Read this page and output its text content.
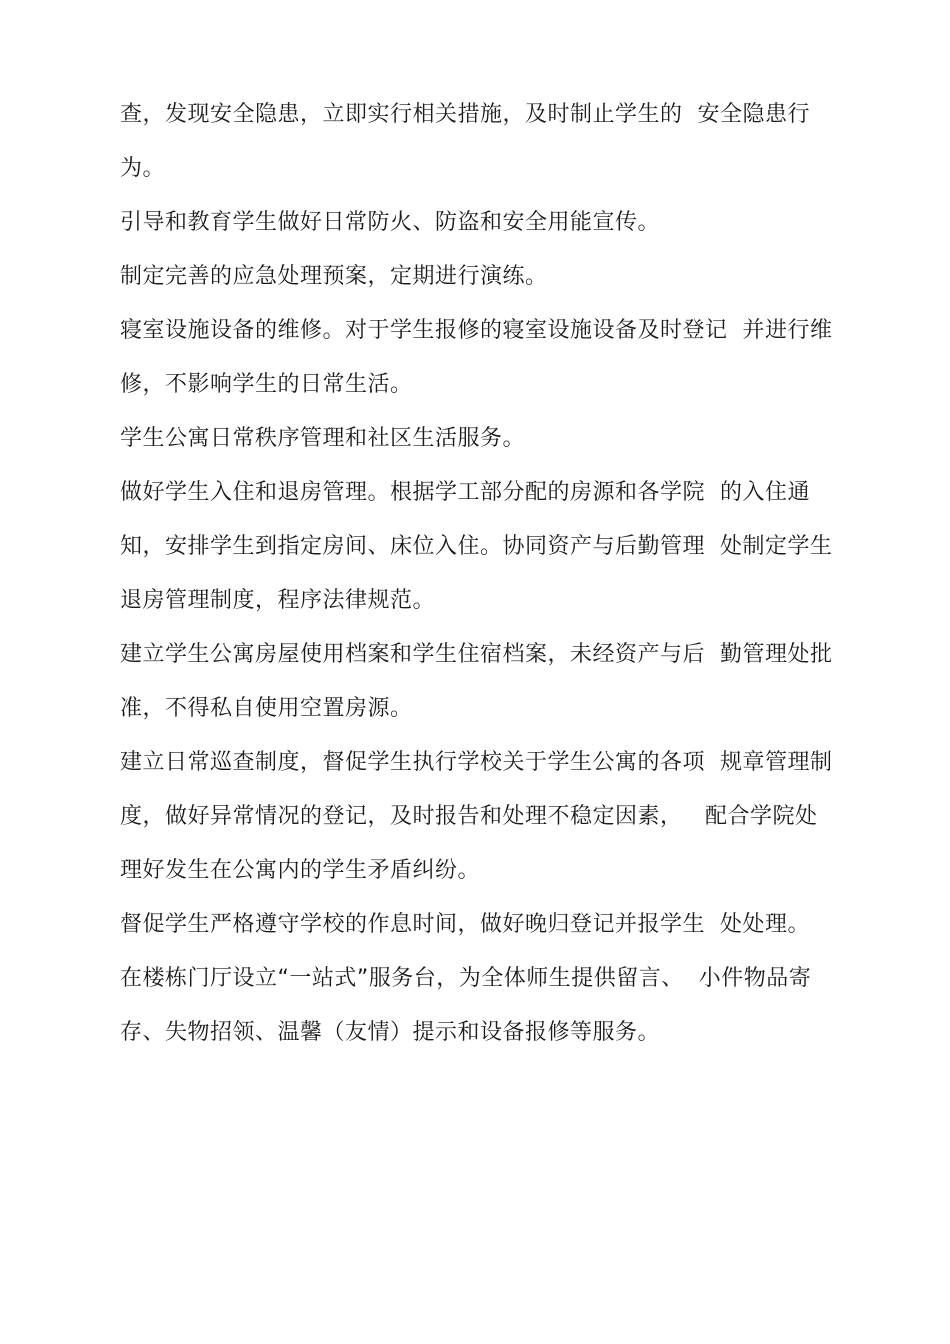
查，发现安全隐患，立即实行相关措施，及时制止学生的  安全隐患行为。

引导和教育学生做好日常防火、防盗和安全用能宣传。

制定完善的应急处理预案，定期进行演练。

寝室设施设备的维修。对于学生报修的寝室设施设备及时登记  并进行维修，不影响学生的日常生活。

学生公寓日常秩序管理和社区生活服务。

做好学生入住和退房管理。根据学工部分配的房源和各学院  的入住通知，安排学生到指定房间、床位入住。协同资产与后勤管理  处制定学生退房管理制度，程序法律规范。

建立学生公寓房屋使用档案和学生住宿档案，未经资产与后  勤管理处批准，不得私自使用空置房源。

建立日常巡查制度，督促学生执行学校关于学生公寓的各项  规章管理制度，做好异常情况的登记，及时报告和处理不稳定因素，   配合学院处理好发生在公寓内的学生矛盾纠纷。

督促学生严格遵守学校的作息时间，做好晚归登记并报学生  处处理。

在楼栋门厅设立“一站式”服务台，为全体师生提供留言、  小件物品寄存、失物招领、温馨（友情）提示和设备报修等服务。
